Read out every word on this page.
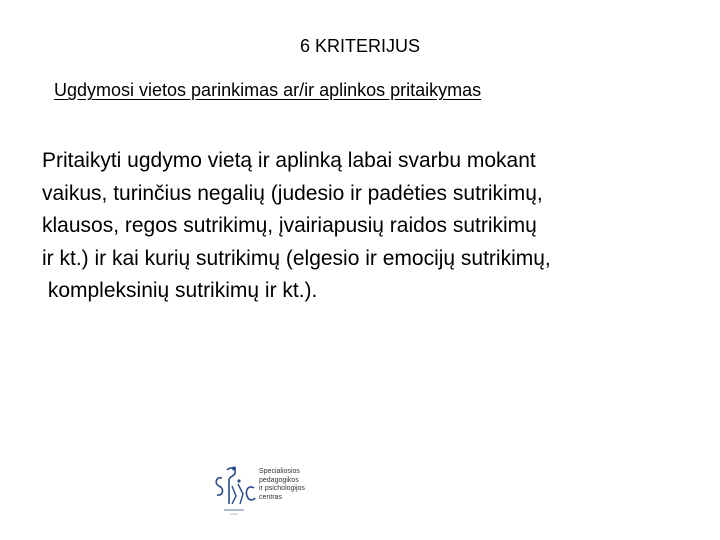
6 KRITERIJUS
Ugdymosi vietos parinkimas ar/ir aplinkos pritaikymas
Pritaikyti ugdymo vietą ir aplinką labai svarbu mokant
vaikus, turinčius negalių (judesio ir padėties sutrikimų,
klausos, regos sutrikimų, įvairiapusių raidos sutrikimų
ir kt.) ir kai kurių sutrikimų (elgesio ir emocijų sutrikimų,
kompleksinių sutrikimų ir kt.).
Specialiosios
pedagogikos
ir psichologijos
centras
